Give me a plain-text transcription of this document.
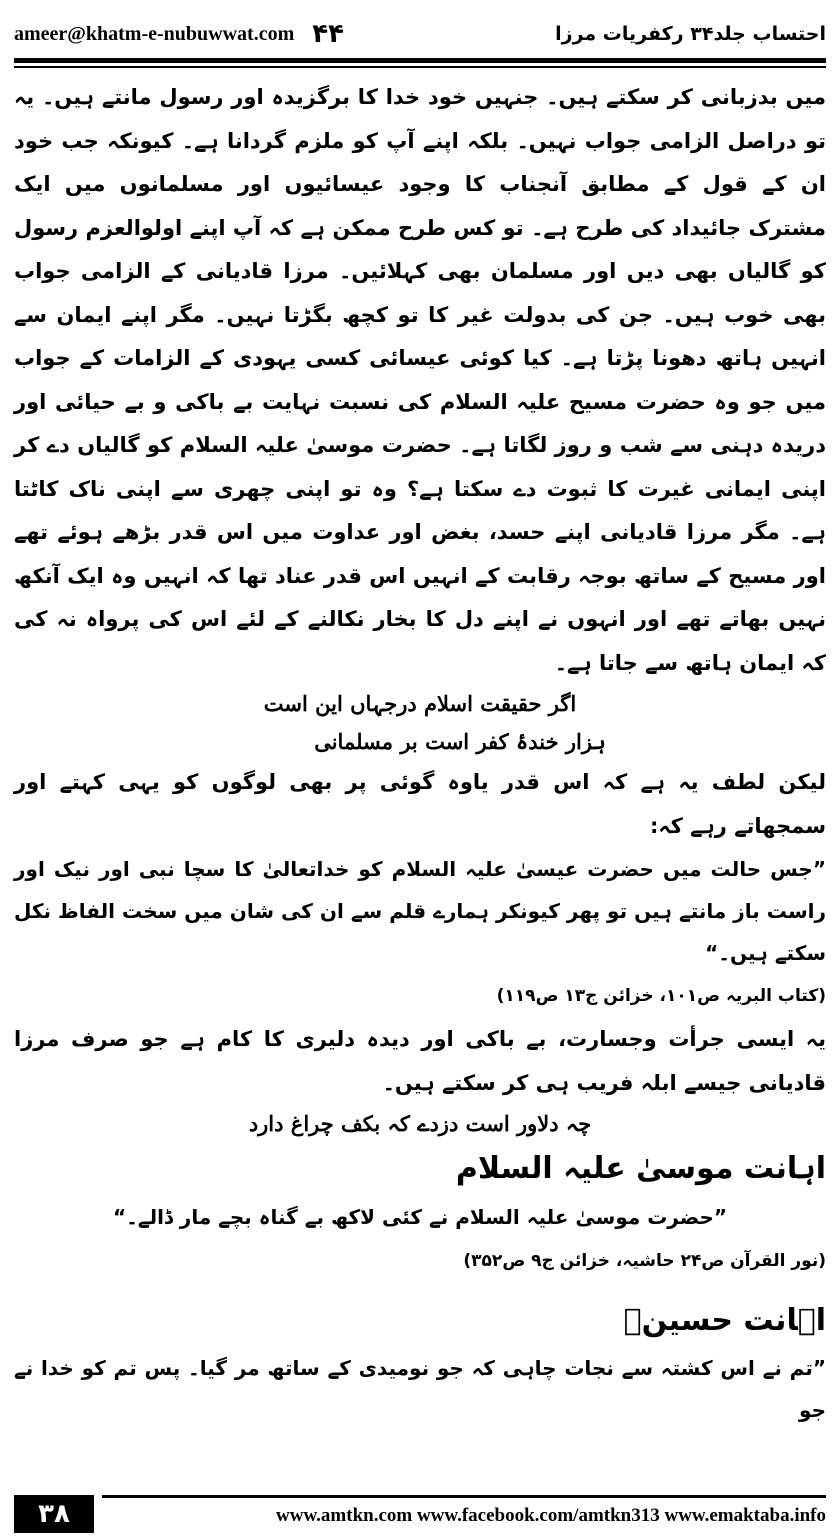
ameer@khatm-e-nubuwwat.com ۴۴	احتساب جلد۳۴ رکفریات مرزا

میں بدزبانی کر سکتے ہیں۔ جنہیں خود خدا کا برگزیدہ اور رسول مانتے ہیں۔ یہ تو دراصل الزامی جواب نہیں۔ بلکہ اپنے آپ کو ملزم گردانا ہے۔ کیونکہ جب خود ان کے قول کے مطابق آنجناب کا وجود عیسائیوں اور مسلمانوں میں ایک مشترک جائیداد کی طرح ہے۔ تو کس طرح ممکن ہے کہ آپ اپنے اولوالعزم رسول کو گالیاں بھی دیں اور مسلمان بھی کہلائیں۔ مرزا قادیانی کے الزامی جواب بھی خوب ہیں۔ جن کی بدولت غیر کا تو کچھ بگڑتا نہیں۔ مگر اپنے ایمان سے انہیں ہاتھ دھونا پڑتا ہے۔ کیا کوئی عیسائی کسی یہودی کے الزامات کے جواب میں جو وہ حضرت مسیح علیہ السلام کی نسبت نہایت بے باکی و بے حیائی اور دریدہ دہنی سے شب و روز لگاتا ہے۔ حضرت موسیٰ علیہ السلام کو گالیاں دے کر اپنی ایمانی غیرت کا ثبوت دے سکتا ہے؟ وہ تو اپنی چھری سے اپنی ناک کاٹتا ہے۔ مگر مرزا قادیانی اپنے حسد، بغض اور عداوت میں اس قدر بڑھے ہوئے تھے اور مسیح کے ساتھ بوجہ رقابت کے انہیں اس قدر عناد تھا کہ انہیں وہ ایک آنکھ نہیں بھاتے تھے اور انہوں نے اپنے دل کا بخار نکالنے کے لئے اس کی پرواہ نہ کی کہ ایمان ہاتھ سے جاتا ہے۔

اگر حقیقت اسلام درجہاں این است

ہزار خندۂ کفر است بر مسلمانی

لیکن لطف یہ ہے کہ اس قدر یاوہ گوئی پر بھی لوگوں کو یہی کہتے اور سمجھاتے رہے کہ:

”جس حالت میں حضرت عیسیٰ علیہ السلام کو خداتعالیٰ کا سچا نبی اور نیک اور راست باز مانتے ہیں تو پھر کیونکر ہمارے قلم سے ان کی شان میں سخت الفاظ نکل سکتے ہیں۔“

(کتاب البریہ ص۱۰۱، خزائن ج۱۳ ص۱۱۹)

یہ ایسی جرأت وجسارت، بے باکی اور دیدہ دلیری کا کام ہے جو صرف مرزا قادیانی جیسے ابلہ فریب ہی کر سکتے ہیں۔

چہ دلاور است دزدے کہ بکف چراغ دارد

اہانت موسیٰ علیہ السلام

”حضرت موسیٰ علیہ السلام نے کئی لاکھ بے گناہ بچے مار ڈالے۔“

(نور القرآن ص۲۴ حاشیہ، خزائن ج۹ ص۳۵۲)

اہانت حسینؓ

”تم نے اس کشتہ سے نجات چاہی کہ جو نومیدی کے ساتھ مر گیا۔ پس تم کو خدا نے جو

۳۸	www.amtkn.com www.facebook.com/amtkn313 www.emaktaba.info
